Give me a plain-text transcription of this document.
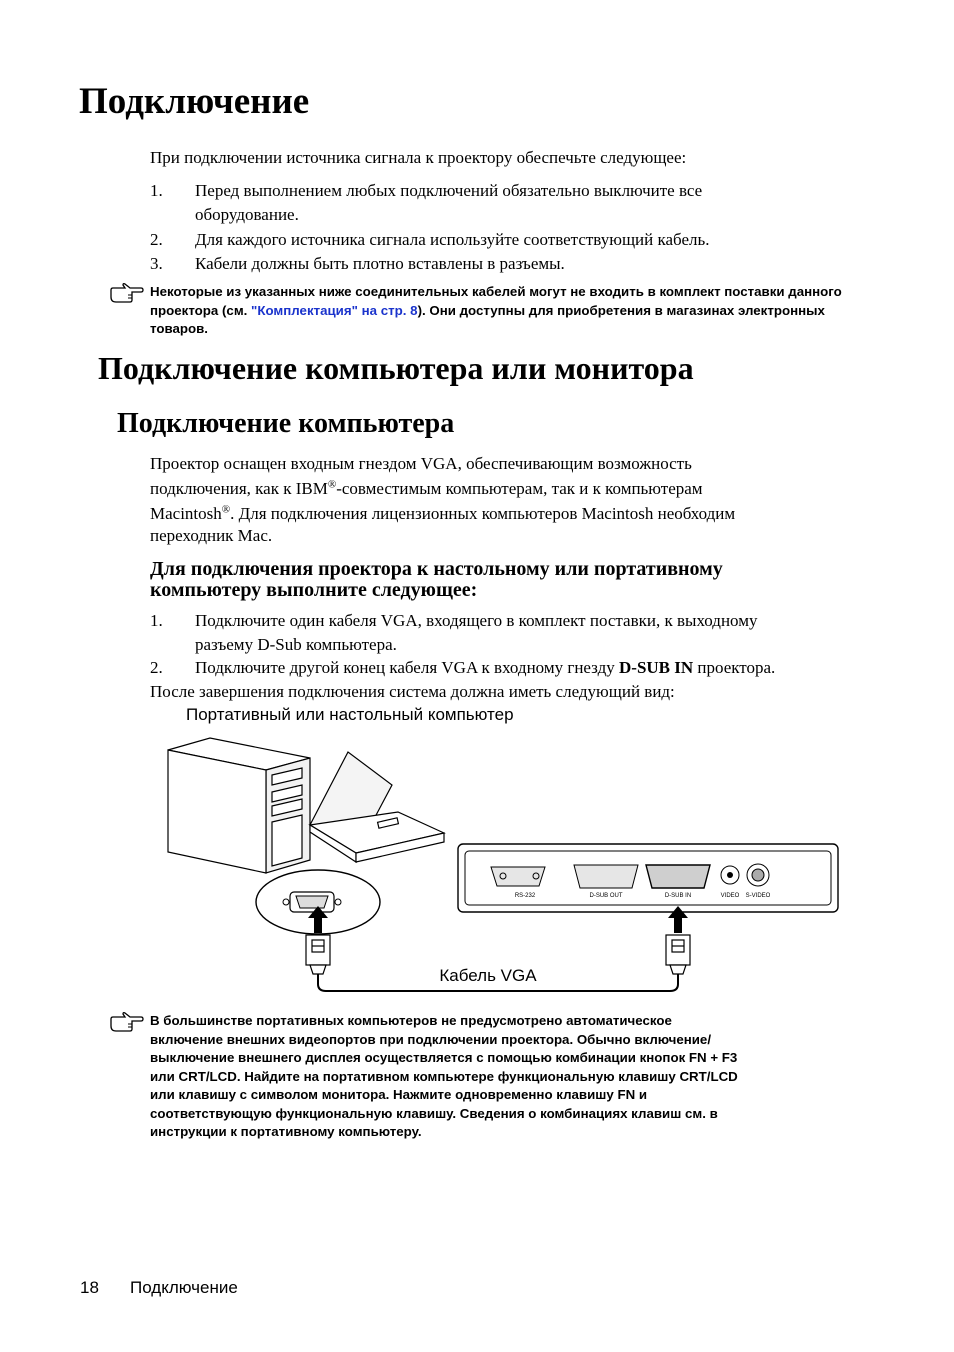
Подключение
При подключении источника сигнала к проектору обеспечьте следующее:
1. Перед выполнением любых подключений обязательно выключите все
оборудование.
2. Для каждого источника сигнала используйте соответствующий кабель.
3. Кабели должны быть плотно вставлены в разъемы.
Некоторые из указанных ниже соединительных кабелей могут не входить в комплект поставки данного проектора (см. "Комплектация" на стр. 8). Они доступны для приобретения в магазинах электронных товаров.
Подключение компьютера или монитора
Подключение компьютера
Проектор оснащен входным гнездом VGA, обеспечивающим возможность
подключения, как к IBM®-совместимым компьютерам, так и к компьютерам
Macintosh®. Для подключения лицензионных компьютеров Macintosh необходим
переходник Mac.
Для подключения проектора к настольному или портативному
компьютеру выполните следующее:
1. Подключите один кабеля VGA, входящего в комплект поставки, к выходному
разъему D-Sub компьютера.
2. Подключите другой конец кабеля VGA к входному гнезду D-SUB IN проектора.
После завершения подключения система должна иметь следующий вид:
Портативный или настольный компьютер
RS-232	D-SUB OUT	D-SUB IN	VIDEO S-VIDEO
Кабель VGA
В большинстве портативных компьютеров не предусмотрено автоматическое
включение внешних видеопортов при подключении проектора. Обычно включение/
выключение внешнего дисплея осуществляется с помощью комбинации кнопок FN + F3
или CRT/LCD. Найдите на портативном компьютере функциональную клавишу CRT/LCD
или клавишу с символом монитора. Нажмите одновременно клавишу FN и
соответствующую функциональную клавишу. Сведения о комбинациях клавиш см. в
инструкции к портативному компьютеру.
18 Подключение
